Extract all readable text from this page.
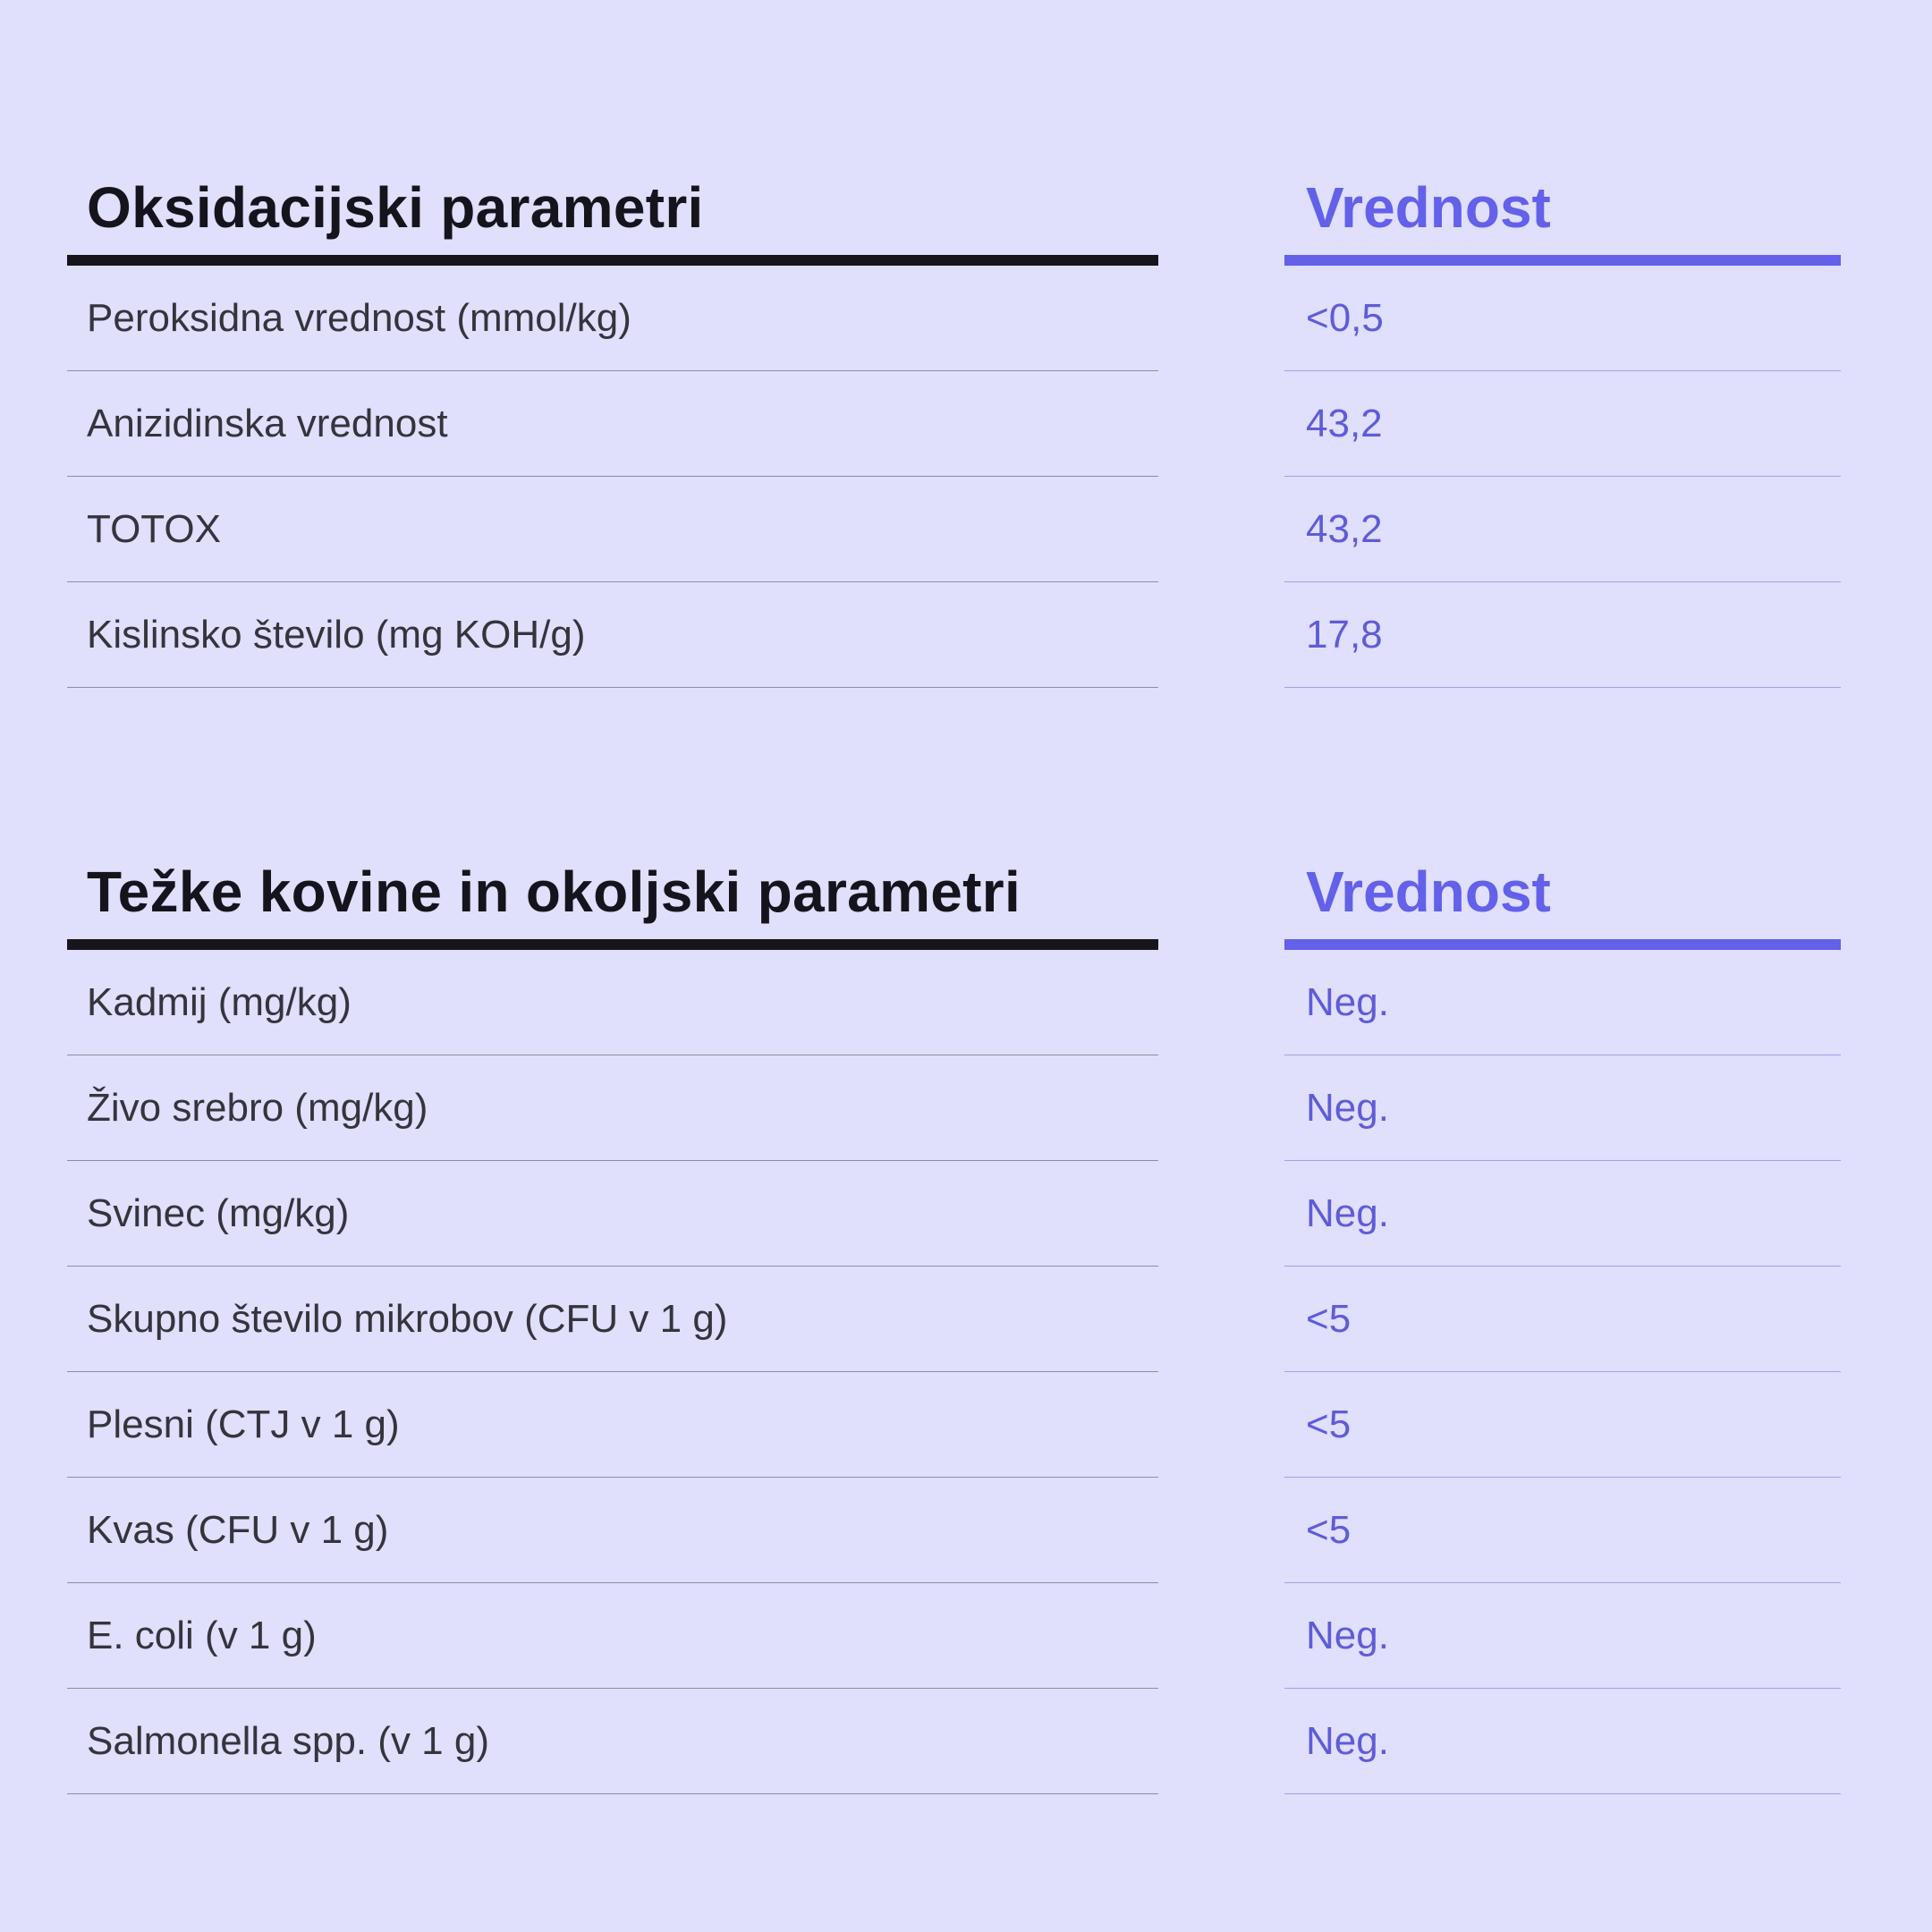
Oksidacijski parametri
Peroksidna vrednost (mmol/kg)
Anizidinska vrednost
TOTOX
Kislinsko število (mg KOH/g)
Vrednost
<0,5
43,2
43,2
17,8
Težke kovine in okoljski parametri
Kadmij (mg/kg)
Živo srebro (mg/kg)
Svinec (mg/kg)
Skupno število mikrobov (CFU v 1 g)
Plesni (CTJ v 1 g)
Kvas (CFU v 1 g)
E. coli (v 1 g)
Salmonella spp. (v 1 g)
Vrednost
Neg.
Neg.
Neg.
<5
<5
<5
Neg.
Neg.
